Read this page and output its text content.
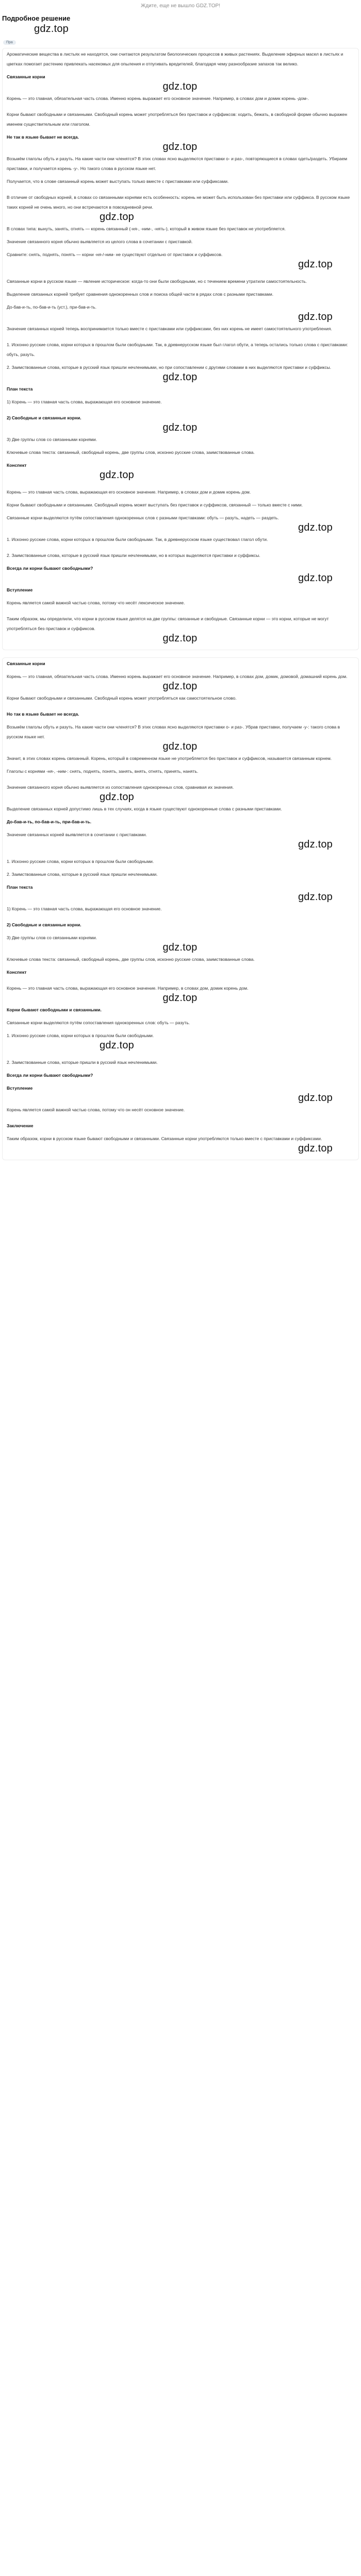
Ждите, еще не вышло GDZ.TOP!
Подробное решение
gdz.top
Пра
Ароматические вещества в листьях не находятся, они считаются результатом биологических процессов в живых растениях. Выделение эфирных масел в листьях и цветках помогает растению привлекать насекомых для опыления и отпугивать вредителей, благодаря чему разнообразие запахов так велико.
Связанные корни
gdz.top
Корень — это главная, обязательная часть слова. Именно корень выражает его основное значение. Например, в словах дом и домик корень -дом-.
Корни бывают свободными и связанными. Свободный корень может употребляться без приставок и суффиксов: ходить, бежать, в свободной форме обычно выражен именем существительным или глаголом.
Не так в языке бывает не всегда.
gdz.top
Возьмём глаголы обуть и разуть. На какие части они членятся? В этих словах ясно выделяются приставки о- и раз-, повторяющиеся в словах одеть/раздеть. Убираем приставки, и получается корень -у-. Но такого слова в русском языке нет.
Получается, что в слове связанный корень может выступать только вместе с приставками или суффиксами.
В отличие от свободных корней, в словах со связанными корнями есть особенность: корень не может быть использован без приставки или суффикса. В русском языке таких корней не очень много, но они встречаются в повседневной речи.
gdz.top
В словах типа: вынуть, занять, отнять — корень связанный (-ня-, -ним-, -нять-), который в живом языке без приставок не употребляется.
Значение связанного корня обычно выявляется из целого слова в сочетании с приставкой.
Сравните: снять, поднять, понять — корни -ня-/-ним- не существуют отдельно от приставок и суффиксов.
gdz.top
Связанные корни в русском языке — явление историческое: когда-то они были свободными, но с течением времени утратили самостоятельность.
Выделение связанных корней требует сравнения однокоренных слов и поиска общей части в рядах слов с разными приставками.
До-бав-и-ть, по-бав-и-ть (уст.), при-бав-и-ть.
gdz.top
Значение связанных корней теперь воспринимается только вместе с приставками или суффиксами, без них корень не имеет самостоятельного употребления.
1. Исконно русские слова, корни которых в прошлом были свободными. Так, в древнерусском языке был глагол обути, а теперь остались только слова с приставками: обуть, разуть.
2. Заимствованные слова, которые в русский язык пришли нечленимыми, но при сопоставлении с другими словами в них выделяются приставки и суффиксы.
gdz.top
План текста
1) Корень — это главная часть слова, выражающая его основное значение.
2) Свободные и связанные корни.
gdz.top
3) Две группы слов со связанными корнями.
Ключевые слова текста: связанный, свободный корень, две группы слов, исконно русские слова, заимствованные слова.
Конспект
gdz.top
Корень — это главная часть слова, выражающая его основное значение. Например, в словах дом и домик корень дом.
Корни бывают свободными и связанными. Свободный корень может выступать без приставок и суффиксов, связанный — только вместе с ними.
Связанные корни выделяются путём сопоставления однокоренных слов с разными приставками: обуть — разуть, надеть — раздеть.
gdz.top
1. Исконно русские слова, корни которых в прошлом были свободными. Так, в древнерусском языке существовал глагол обути.
2. Заимствованные слова, которые в русский язык пришли нечленимыми, но в которых выделяются приставки и суффиксы.
Всегда ли корни бывают свободными?
gdz.top
Вступление
Корень является самой важной частью слова, потому что несёт лексическое значение.
Таким образом, мы определили, что корни в русском языке делятся на две группы: связанные и свободные. Связанные корни — это корни, которые не могут употребляться без приставок и суффиксов.
gdz.top
Связанные корни
Корень — это главная, обязательная часть слова. Именно корень выражает его основное значение. Например, в словах дом, домик, домовой, домашний корень дом.
gdz.top
Корни бывают свободными и связанными. Свободный корень может употребляться как самостоятельное слово.
Но так в языке бывает не всегда.
Возьмём глаголы обуть и разуть. На какие части они членятся? В этих словах ясно выделяются приставки о- и раз-. Убрав приставки, получаем -у-: такого слова в русском языке нет.
gdz.top
Значит, в этих словах корень связанный. Корень, который в современном языке не употребляется без приставок и суффиксов, называется связанным корнем.
Глаголы с корнями -ня-, -ним-: снять, поднять, понять, занять, внять, отнять, принять, нанять.
Значение связанного корня обычно выявляется из сопоставления однокоренных слов, сравнивая их значения.
gdz.top
Выделение связанных корней допустимо лишь в тех случаях, когда в языке существуют однокоренные слова с разными приставками.
До-бав-и-ть, по-бав-и-ть, при-бав-и-ть.
Значение связанных корней выявляется в сочетании с приставками.
gdz.top
1. Исконно русские слова, корни которых в прошлом были свободными.
2. Заимствованные слова, которые в русский язык пришли нечленимыми.
План текста
gdz.top
1) Корень — это главная часть слова, выражающая его основное значение.
2) Свободные и связанные корни.
3) Две группы слов со связанными корнями.
gdz.top
Ключевые слова текста: связанный, свободный корень, две группы слов, исконно русские слова, заимствованные слова.
Конспект
Корень — это главная часть слова, выражающая его основное значение. Например, в словах дом, домик корень дом.
gdz.top
Корни бывают свободными и связанными.
Связанные корни выделяются путём сопоставления однокоренных слов: обуть — разуть.
1. Исконно русские слова, корни которых в прошлом были свободными.
gdz.top
2. Заимствованные слова, которые пришли в русский язык нечленимыми.
Всегда ли корни бывают свободными?
Вступление
gdz.top
Корень является самой важной частью слова, потому что он несёт основное значение.
Заключение
Таким образом, корни в русском языке бывают свободными и связанными. Связанные корни употребляются только вместе с приставками и суффиксами.
gdz.top
